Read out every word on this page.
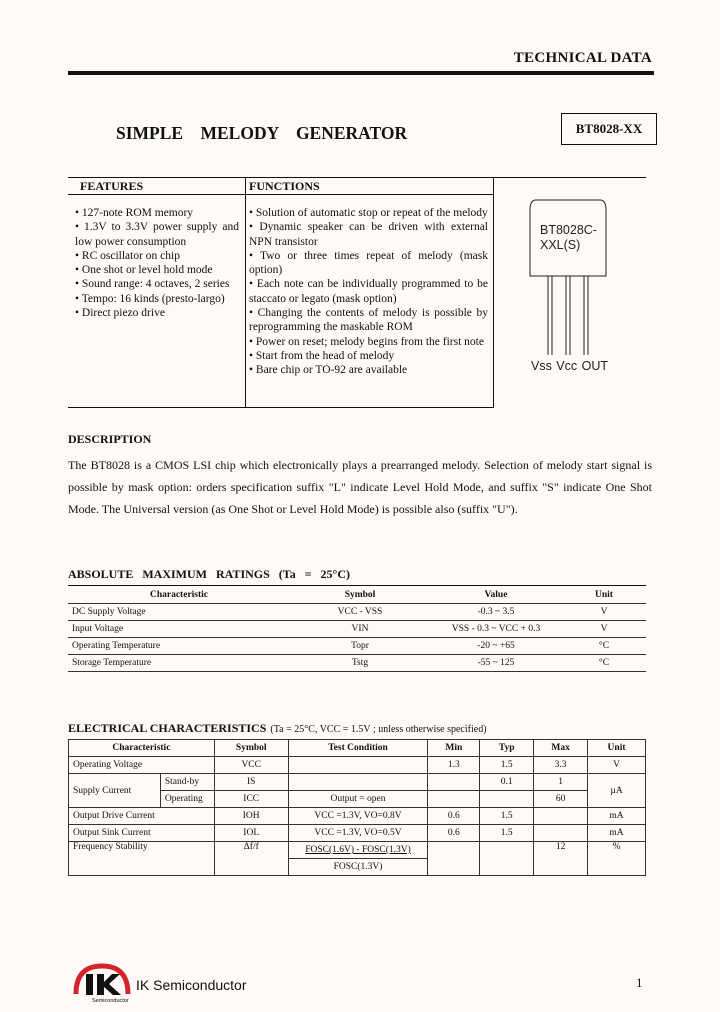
TECHNICAL DATA
SIMPLE MELODY GENERATOR	BT8028-XX
FEATURES	FUNCTIONS

• 127-note ROM memory

• 1.3V to 3.3V power supply and low power consumption

• RC oscillator on chip

• One shot or level hold mode

• Sound range: 4 octaves, 2 series

• Tempo: 16 kinds (presto-largo)

• Direct piezo drive

• Solution of automatic stop or repeat of the melody

• Dynamic speaker can be driven with external NPN transistor

• Two or three times repeat of melody (mask option)

• Each note can be individually programmed to be staccato or legato (mask option)

• Changing the contents of melody is possible by reprogramming the maskable ROM

• Power on reset; melody begins from the first note

• Start from the head of melody

• Bare chip or TO-92 are available

BT8028C-
XXL(S)
Vss Vcc OUT
DESCRIPTION
The BT8028 is a CMOS LSI chip which electronically plays a prearranged melody. Selection of melody start signal is possible by mask option: orders specification suffix "L" indicate Level Hold Mode, and suffix "S" indicate One Shot Mode. The Universal version (as One Shot or Level Hold Mode) is possible also (suffix "U").
ABSOLUTE MAXIMUM RATINGS (Ta = 25°C)
Characteristic	Symbol	Value	Unit
DC Supply Voltage	VCC - VSS	-0.3 ~ 3.5	V
Input Voltage	VIN	VSS - 0.3 ~ VCC + 0.3	V
Operating Temperature	Topr	-20 ~ +65	°C
Storage Temperature	Tstg	-55 ~ 125	°C
ELECTRICAL CHARACTERISTICS (Ta = 25°C, VCC = 1.5V ; unless otherwise specified)
Characteristic		Symbol	Test Condition	Min	Typ	Max	Unit
Operating Voltage		VCC		1.3	1.5	3.3	V
Supply Current	Stand-by	IS			0.1	1	µA
	Operating	ICC	Output = open			60	
Output Drive Current		IOH	VCC =1.3V, VO=0.8V	0.6	1.5		mA
Output Sink Current		IOL	VCC =1.3V, VO=0.5V	0.6	1.5		mA
Frequency Stability		Δf/f	FOSC(1.6V) - FOSC(1.3V)			12	%
			FOSC(1.3V)				
Semiconductor
IK Semiconductor	1
